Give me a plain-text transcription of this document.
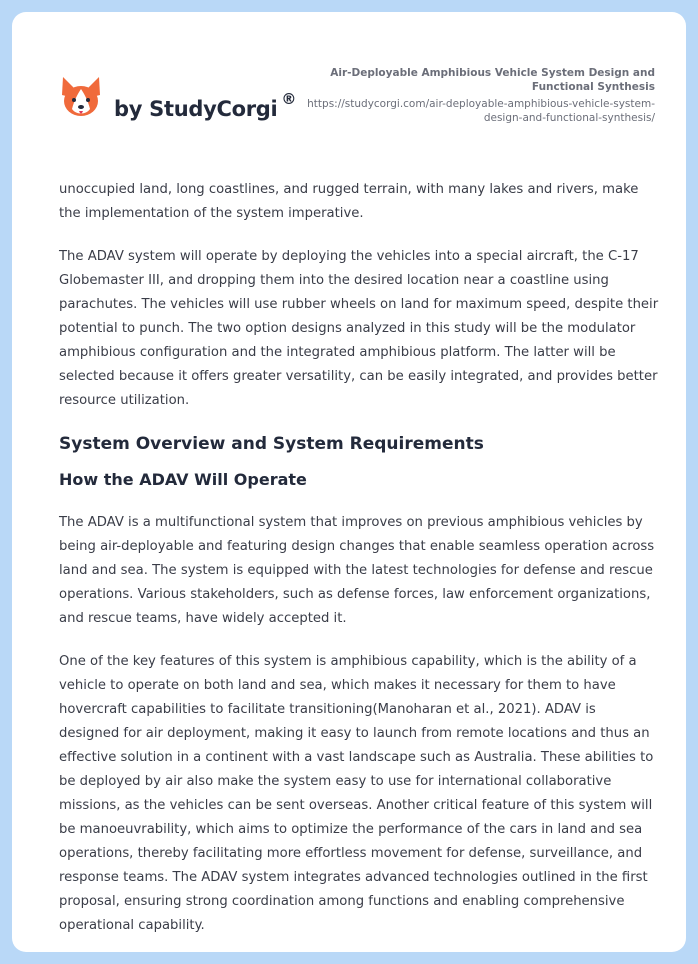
by StudyCorgi ®
Air-Deployable Amphibious Vehicle System Design and Functional Synthesis
https://studycorgi.com/air-deployable-amphibious-vehicle-system-design-and-functional-synthesis/

unoccupied land, long coastlines, and rugged terrain, with many lakes and rivers, make the implementation of the system imperative.

The ADAV system will operate by deploying the vehicles into a special aircraft, the C-17 Globemaster III, and dropping them into the desired location near a coastline using parachutes. The vehicles will use rubber wheels on land for maximum speed, despite their potential to punch. The two option designs analyzed in this study will be the modulator amphibious configuration and the integrated amphibious platform. The latter will be selected because it offers greater versatility, can be easily integrated, and provides better resource utilization.

System Overview and System Requirements
How the ADAV Will Operate

The ADAV is a multifunctional system that improves on previous amphibious vehicles by being air-deployable and featuring design changes that enable seamless operation across land and sea. The system is equipped with the latest technologies for defense and rescue operations. Various stakeholders, such as defense forces, law enforcement organizations, and rescue teams, have widely accepted it.

One of the key features of this system is amphibious capability, which is the ability of a vehicle to operate on both land and sea, which makes it necessary for them to have hovercraft capabilities to facilitate transitioning(Manoharan et al., 2021). ADAV is designed for air deployment, making it easy to launch from remote locations and thus an effective solution in a continent with a vast landscape such as Australia. These abilities to be deployed by air also make the system easy to use for international collaborative missions, as the vehicles can be sent overseas. Another critical feature of this system will be manoeuvrability, which aims to optimize the performance of the cars in land and sea operations, thereby facilitating more effortless movement for defense, surveillance, and response teams. The ADAV system integrates advanced technologies outlined in the first proposal, ensuring strong coordination among functions and enabling comprehensive operational capability.
